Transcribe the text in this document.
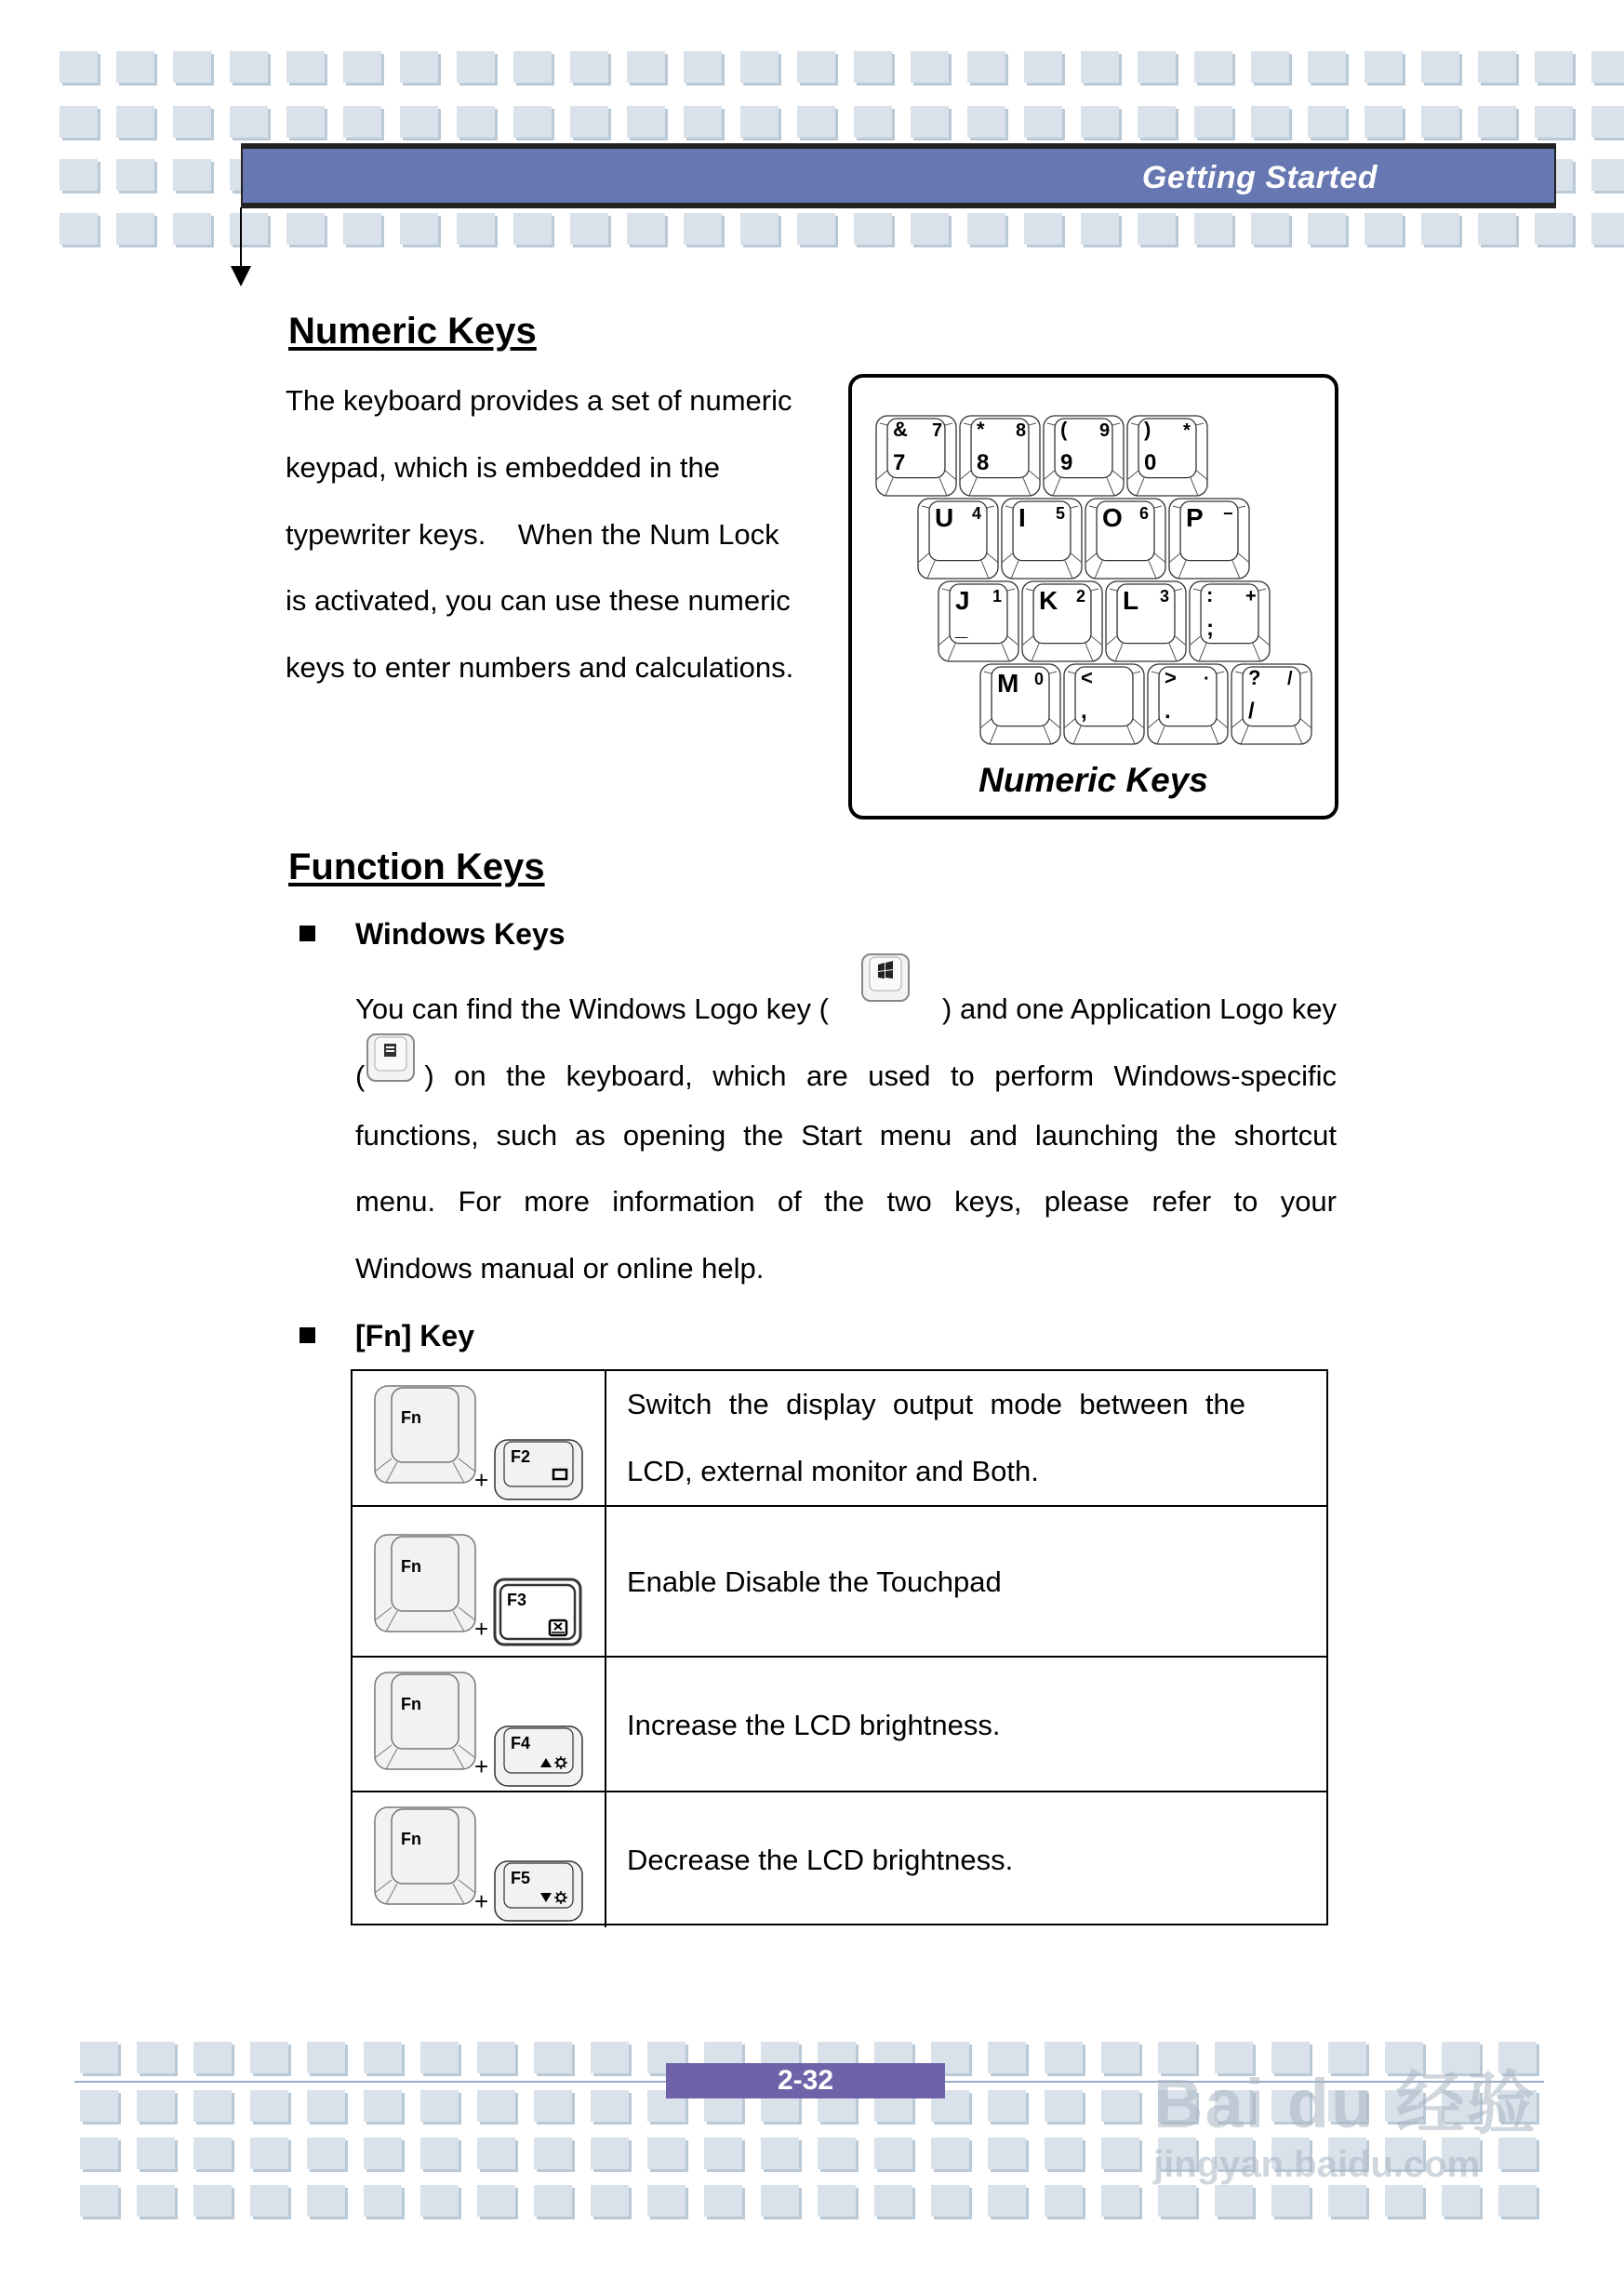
Getting Started
Numeric Keys
The keyboard provides a set of numeric
keypad, which is embedded in the
typewriter keys.    When the Num Lock
is activated, you can use these numeric
keys to enter numbers and calculations.
& 7
7
* 8
8
( 9
9
) *
0
U 4 I 5 O 6 P −
J 1
_
K 2 L 3 : +
;
M 0 <
,
> ·
.
? /
/
Numeric Keys
Function Keys
Windows Keys
You can find the Windows Logo key (	) and one Application Logo key
( ) on the keyboard, which are used to perform Windows-specific
functions, such as opening the Start menu and launching the shortcut
menu. For more information of the two keys, please refer to your
Windows manual or online help.
[Fn] Key
Fn
+
F2
Switch the display output mode between the
LCD, external monitor and Both.
Fn
+
F3
Enable Disable the Touchpad
Fn
+
F4
Increase the LCD brightness.
Fn
+
F5
Decrease the LCD brightness.
2-32	Bai du 经验
jingyan.baidu.com
